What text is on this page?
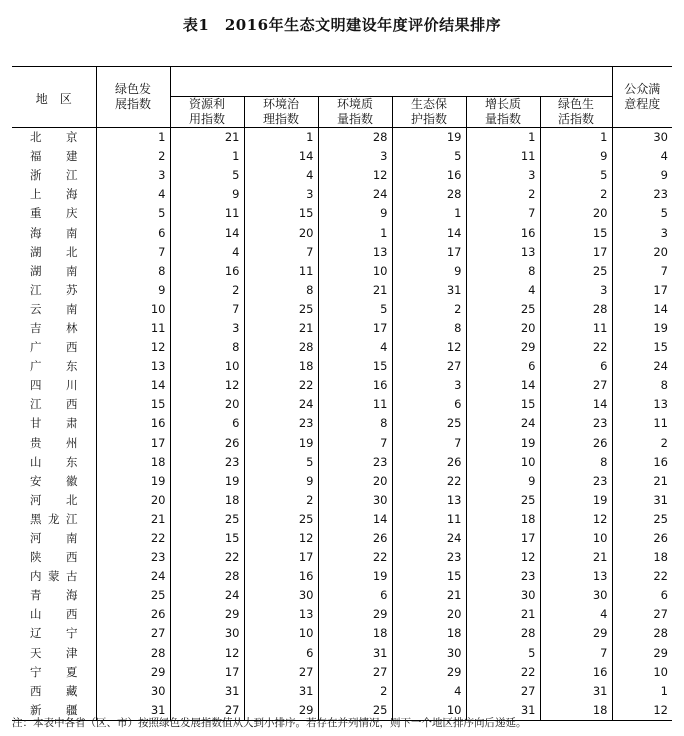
表1　2016年生态文明建设年度评价结果排序
地　区	绿色发展指数							公众满意程度
		资源利用指数	环境治理指数	环境质量指数	生态保护指数	增长质量指数	绿色生活指数	
北京	1	21	1	28	19	1	1	30
福建	2	1	14	3	5	11	9	4
浙江	3	5	4	12	16	3	5	9
上海	4	9	3	24	28	2	2	23
重庆	5	11	15	9	1	7	20	5
海南	6	14	20	1	14	16	15	3
湖北	7	4	7	13	17	13	17	20
湖南	8	16	11	10	9	8	25	7
江苏	9	2	8	21	31	4	3	17
云南	10	7	25	5	2	25	28	14
吉林	11	3	21	17	8	20	11	19
广西	12	8	28	4	12	29	22	15
广东	13	10	18	15	27	6	6	24
四川	14	12	22	16	3	14	27	8
江西	15	20	24	11	6	15	14	13
甘肃	16	6	23	8	25	24	23	11
贵州	17	26	19	7	7	19	26	2
山东	18	23	5	23	26	10	8	16
安徽	19	19	9	20	22	9	23	21
河北	20	18	2	30	13	25	19	31
黑龙江	21	25	25	14	11	18	12	25
河南	22	15	12	26	24	17	10	26
陕西	23	22	17	22	23	12	21	18
内蒙古	24	28	16	19	15	23	13	22
青海	25	24	30	6	21	30	30	6
山西	26	29	13	29	20	21	4	27
辽宁	27	30	10	18	18	28	29	28
天津	28	12	6	31	30	5	7	29
宁夏	29	17	27	27	29	22	16	10
西藏	30	31	31	2	4	27	31	1
新疆	31	27	29	25	10	31	18	12
注：本表中各省（区、市）按照绿色发展指数值从大到小排序。若存在并列情况，则下一个地区排序向后递延。
